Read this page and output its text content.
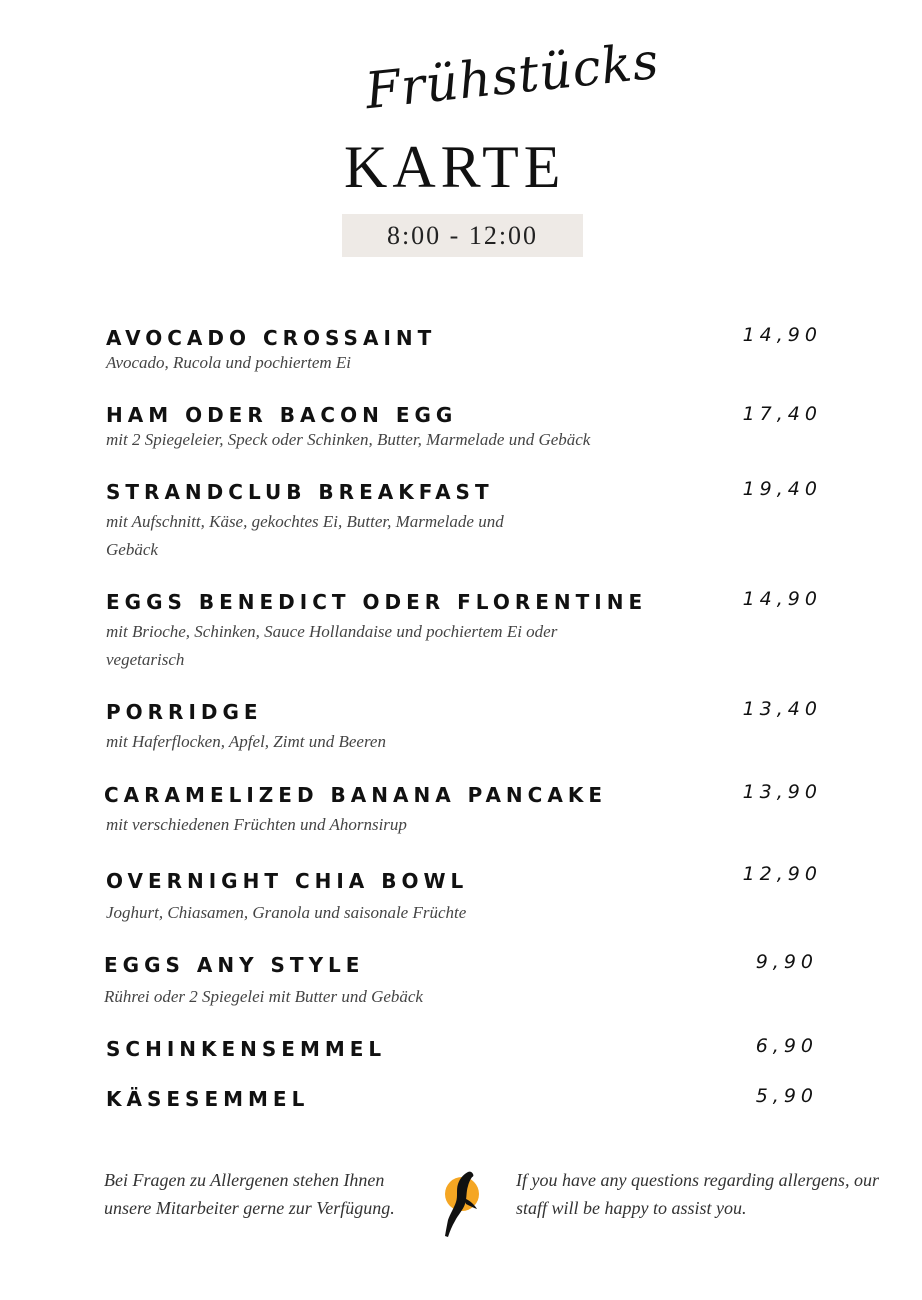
Frühstücks
KARTE
8:00 - 12:00
AVOCADO CROSSAINT	14,90
Avocado, Rucola und pochiertem Ei
HAM ODER BACON EGG	17,40
mit 2 Spiegeleier, Speck oder Schinken, Butter, Marmelade und Gebäck
STRANDCLUB BREAKFAST	19,40
mit Aufschnitt, Käse, gekochtes Ei, Butter, Marmelade und Gebäck
EGGS BENEDICT ODER FLORENTINE	14,90
mit Brioche, Schinken, Sauce Hollandaise und pochiertem Ei oder vegetarisch
PORRIDGE	13,40
mit Haferflocken, Apfel, Zimt und Beeren
CARAMELIZED BANANA PANCAKE	13,90
mit verschiedenen Früchten und Ahornsirup
OVERNIGHT CHIA BOWL	12,90
Joghurt, Chiasamen, Granola und saisonale Früchte
EGGS ANY STYLE	9,90
Rührei oder 2 Spiegelei mit Butter und Gebäck
SCHINKENSEMMEL	6,90
KÄSESEMMEL	5,90
Bei Fragen zu Allergenen stehen Ihnen unsere Mitarbeiter gerne zur Verfügung.
If you have any questions regarding allergens, our staff will be happy to assist you.
